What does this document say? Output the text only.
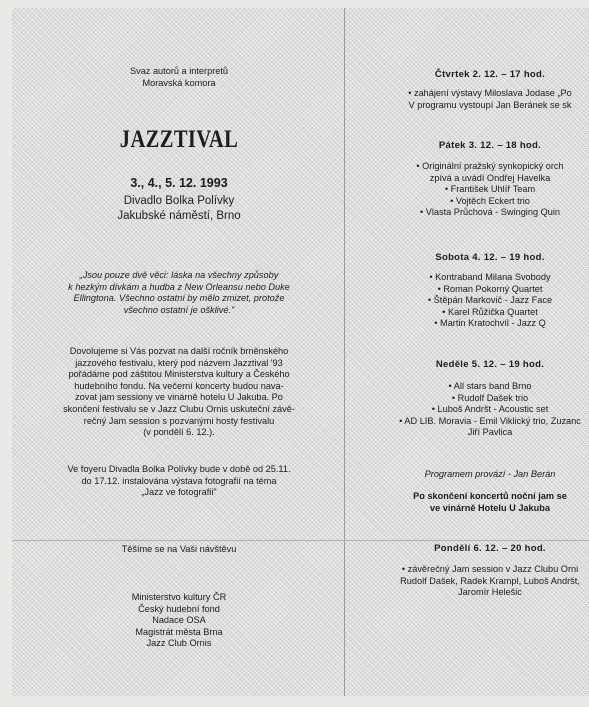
Svaz autorů a interpretů
Moravská komora
JAZZTIVAL
3., 4., 5. 12. 1993
Divadlo Bolka Polívky
Jakubské náměstí, Brno
„Jsou pouze dvě věci: láska na všechny způsoby
k hezkým dívkám a hudba z New Orleansu nebo Duke
Ellingtona. Všechno ostatní by mělo zmizet, protože
všechno ostatní je ošklivé."
Dovolujeme si Vás pozvat na další ročník brněnského
jazzového festivalu, který pod názvem Jazztival '93
pořádáme pod záštitou Ministerstva kultury a Českého
hudebního fondu. Na večerní koncerty budou nava-
zovat jam sessiony ve vinárně hotelu U Jakuba. Po
skončení festivalu se v Jazz Clubu Ornis uskuteční závě-
rečný Jam session s pozvanými hosty festivalu
(v pondělí 6. 12.).
Ve foyeru Divadla Bolka Polívky bude v době od 25.11.
do 17.12. instalována výstava fotografií na téma
„Jazz ve fotografii"
Těšíme se na Vaši návštěvu
Ministerstvo kultury ČR
Český hudební fond
Nadace OSA
Magistrát města Brna
Jazz Club Ornis
Čtvrtek 2. 12. – 17 hod.
• zahájení výstavy Miloslava Jodase „Po
V programu vystoupí Jan Beránek se sk
Pátek 3. 12. – 18 hod.
• Originální pražský synkopický orch
zpívá a uvádí Ondřej Havelka
• František Uhlíř Team
• Vojtěch Eckert trio
• Vlasta Průchová - Swinging Quin
Sobota 4. 12. – 19 hod.
• Kontraband Milana Svobody
• Roman Pokorný Quartet
• Štěpán Markovič - Jazz Face
• Karel Růžička Quartet
• Martin Kratochvíl - Jazz Q
Neděle 5. 12. – 19 hod.
• All stars band Brno
• Rudolf Dašek trio
• Luboš Andršt - Acoustic set
• AD LIB. Moravia - Emil Viklický trio, Zuzanc
Jiří Pavlica
Programem provází - Jan Berán
Po skončení koncertů noční jam se
ve vinárně Hotelu U Jakuba
Pondělí 6. 12. – 20 hod.
• závěrečný Jam session v Jazz Clubu Orni
Rudolf Dašek, Radek Krampl, Luboš Andršt,
Jaromír Helešic
